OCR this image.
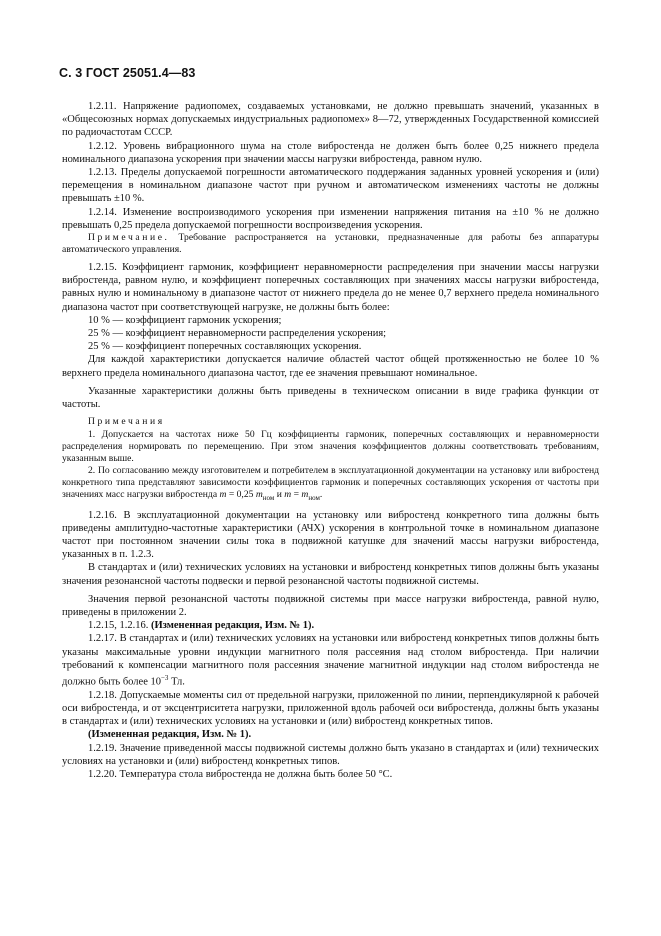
С. 3 ГОСТ 25051.4—83

1.2.11. Напряжение радиопомех, создаваемых установками, не должно превышать значений, указанных в «Общесоюзных нормах допускаемых индустриальных радиопомех» 8—72, утвержденных Государственной комиссией по радиочастотам СССР.

1.2.12. Уровень вибрационного шума на столе вибростенда не должен быть более 0,25 нижнего предела номинального диапазона ускорения при значении массы нагрузки вибростенда, равном нулю.

1.2.13. Пределы допускаемой погрешности автоматического поддержания заданных уровней ускорения и (или) перемещения в номинальном диапазоне частот при ручном и автоматическом изменениях частоты не должны превышать ±10 %.

1.2.14. Изменение воспроизводимого ускорения при изменении напряжения питания на ±10 % не должно превышать 0,25 предела допускаемой погрешности воспроизведения ускорения.

Примечание. Требование распространяется на установки, предназначенные для работы без аппаратуры автоматического управления.

1.2.15. Коэффициент гармоник, коэффициент неравномерности распределения при значении массы нагрузки вибростенда, равном нулю, и коэффициент поперечных составляющих при значениях массы нагрузки вибростенда, равных нулю и номинальному в диапазоне частот от нижнего предела до не менее 0,7 верхнего предела номинального диапазона частот при соответствующей нагрузке, не должны быть более:

10 % — коэффициент гармоник ускорения;

25 % — коэффициент неравномерности распределения ускорения;

25 % — коэффициент поперечных составляющих ускорения.

Для каждой характеристики допускается наличие областей частот общей протяженностью не более 10 % верхнего предела номинального диапазона частот, где ее значения превышают номинальное.

Указанные характеристики должны быть приведены в техническом описании в виде графика функции от частоты.

Примечания

1. Допускается на частотах ниже 50 Гц коэффициенты гармоник, поперечных составляющих и неравномерности распределения нормировать по перемещению. При этом значения коэффициентов должны соответствовать требованиям, указанным выше.

2. По согласованию между изготовителем и потребителем в эксплуатационной документации на установку или вибростенд конкретного типа представляют зависимости коэффициентов гармоник и поперечных составляющих ускорения от частоты при значениях масс нагрузки вибростенда m = 0,25 $m_{ном}$ и $m = m_{ном}$.

1.2.16. В эксплуатационной документации на установку или вибростенд конкретного типа должны быть приведены амплитудно-частотные характеристики (АЧХ) ускорения в контрольной точке в номинальном диапазоне частот при постоянном значении силы тока в подвижной катушке для значений массы нагрузки вибростенда, указанных в п. 1.2.3.

В стандартах и (или) технических условиях на установки и вибростенд конкретных типов должны быть указаны значения резонансной частоты подвески и первой резонансной частоты подвижной системы.

Значения первой резонансной частоты подвижной системы при массе нагрузки вибростенда, равной нулю, приведены в приложении 2.

1.2.15, 1.2.16. (Измененная редакция, Изм. № 1).

1.2.17. В стандартах и (или) технических условиях на установки или вибростенд конкретных типов должны быть указаны максимальные уровни индукции магнитного поля рассеяния над столом вибростенда. При наличии требований к компенсации магнитного поля рассеяния значение магнитной индукции над столом вибростенда не должно быть более $10^{-3}$ Тл.

1.2.18. Допускаемые моменты сил от предельной нагрузки, приложенной по линии, перпендикулярной к рабочей оси вибростенда, и от эксцентриситета нагрузки, приложенной вдоль рабочей оси вибростенда, должны быть указаны в стандартах и (или) технических условиях на установки и (или) вибростенд конкретных типов.

(Измененная редакция, Изм. № 1).

1.2.19. Значение приведенной массы подвижной системы должно быть указано в стандартах и (или) технических условиях на установки и (или) вибростенд конкретных типов.

1.2.20. Температура стола вибростенда не должна быть более 50 °С.
